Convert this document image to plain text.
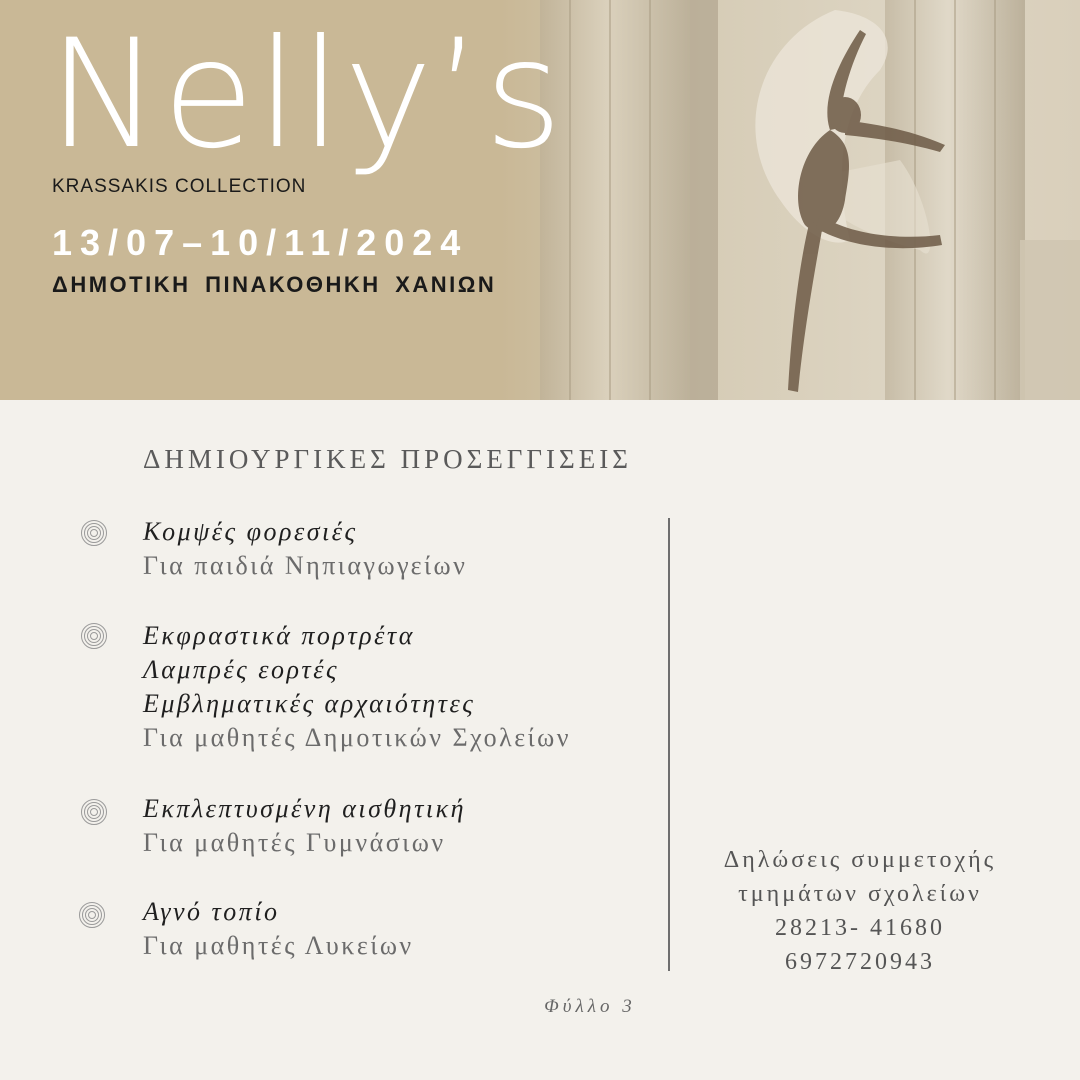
Nelly’s
KRASSAKIS COLLECTION
13/07–10/11/2024
ΔΗΜΟΤΙΚΗ ΠΙΝΑΚΟΘΗΚΗ ΧΑΝΙΩΝ
ΔΗΜΙΟΥΡΓΙΚΕΣ ΠΡΟΣΕΓΓΙΣΕΙΣ
Κομψές φορεσιές
Για παιδιά Νηπιαγωγείων
Εκφραστικά πορτρέτα
Λαμπρές εορτές
Εμβληματικές αρχαιότητες
Για μαθητές Δημοτικών Σχολείων
Εκπλεπτυσμένη αισθητική
Για μαθητές Γυμνάσιων
Αγνό τοπίο
Για μαθητές Λυκείων
Δηλώσεις συμμετοχής
τμημάτων σχολείων
28213- 41680
6972720943
Φύλλο 3
